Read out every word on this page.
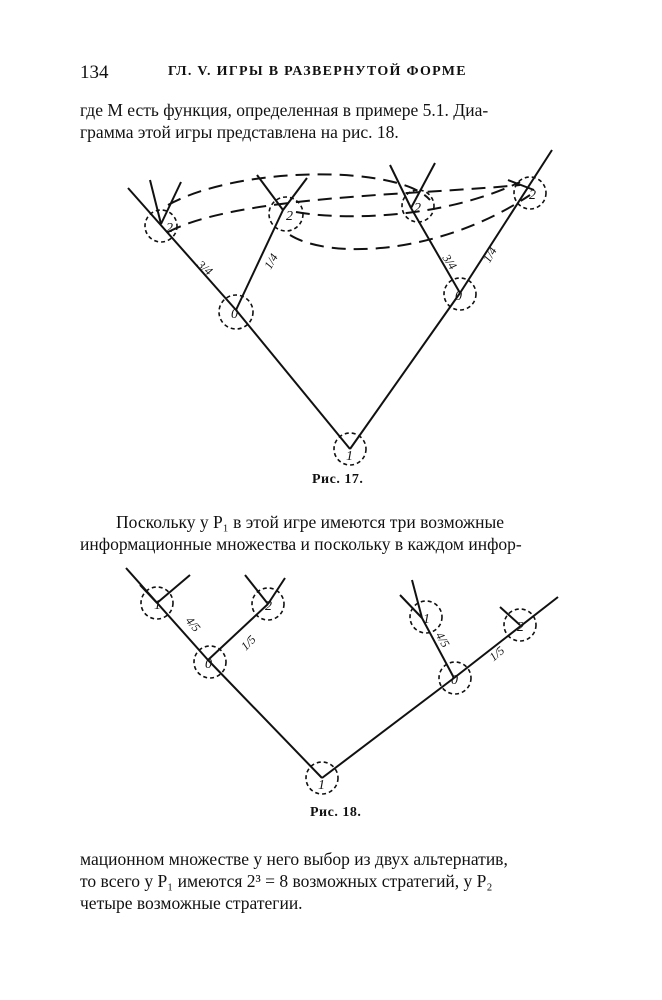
134	ГЛ. V. ИГРЫ В РАЗВЕРНУТОЙ ФОРМЕ

где M есть функция, определенная в примере 5.1. Диа-
грамма этой игры представлена на рис. 18.

1
0
0
2
2
2
2
3/4	1/4	3/4 1/4
Рис. 17.

Поскольку у P₁ в этой игре имеются три возможные
информационные множества и поскольку в каждом инфор-

1
0
0
1	2
1
2
4/5
1/5	4/5
1/5
Рис. 18.

мационном множестве у него выбор из двух альтернатив,
то всего у P₁ имеются 2³ = 8 возможных стратегий, у P₂
четыре возможные стратегии.
